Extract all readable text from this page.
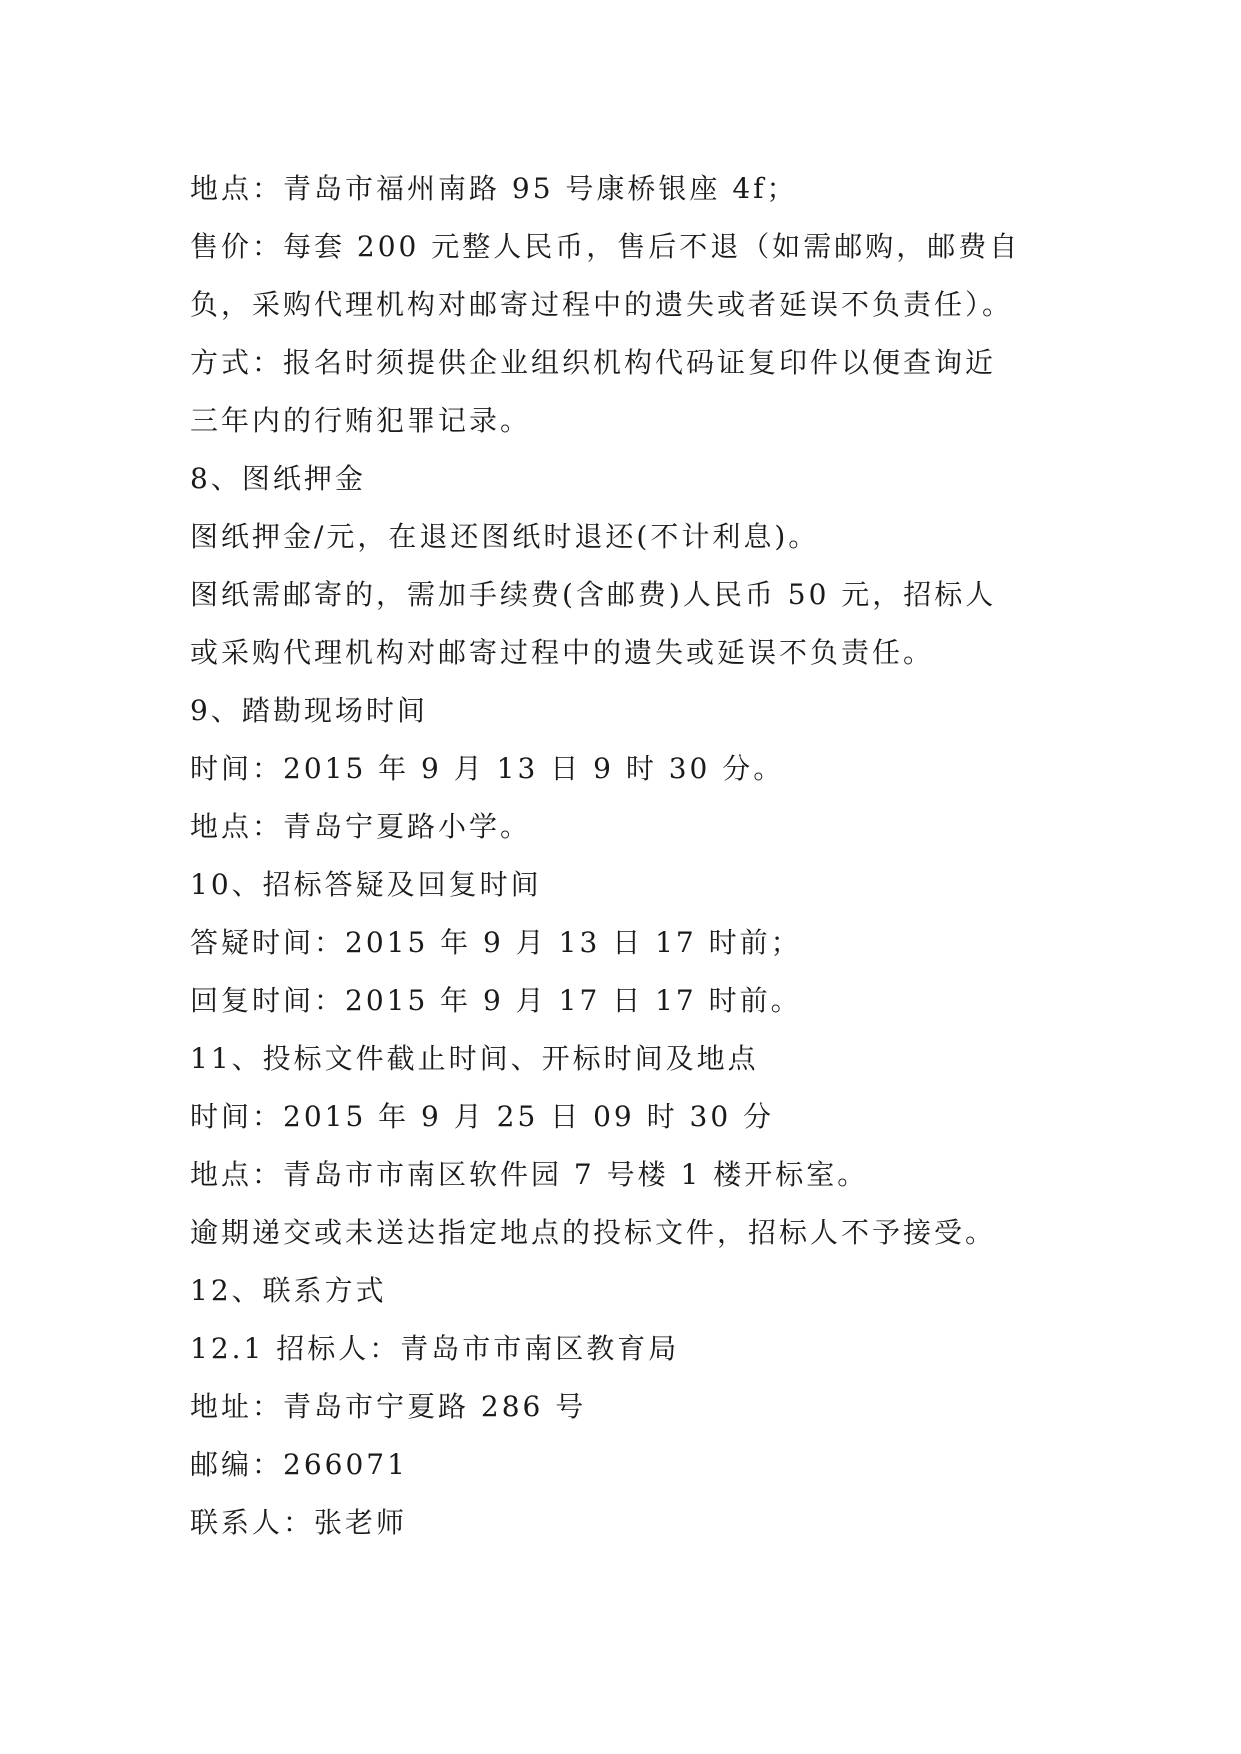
地点：青岛市福州南路 95 号康桥银座 4f；
售价：每套 200 元整人民币，售后不退（如需邮购，邮费自
负，采购代理机构对邮寄过程中的遗失或者延误不负责任）。
方式：报名时须提供企业组织机构代码证复印件以便查询近
三年内的行贿犯罪记录。
8、图纸押金
图纸押金/元，在退还图纸时退还(不计利息)。
图纸需邮寄的，需加手续费(含邮费)人民币 50 元，招标人
或采购代理机构对邮寄过程中的遗失或延误不负责任。
9、踏勘现场时间
时间：2015 年 9 月 13 日 9 时 30 分。
地点：青岛宁夏路小学。
10、招标答疑及回复时间
答疑时间：2015 年 9 月 13 日 17 时前；
回复时间：2015 年 9 月 17 日 17 时前。
11、投标文件截止时间、开标时间及地点
时间：2015 年 9 月 25 日 09 时 30 分
地点：青岛市市南区软件园 7 号楼 1 楼开标室。
逾期递交或未送达指定地点的投标文件，招标人不予接受。
12、联系方式
12.1 招标人：青岛市市南区教育局
地址：青岛市宁夏路 286 号
邮编：266071
联系人：张老师
